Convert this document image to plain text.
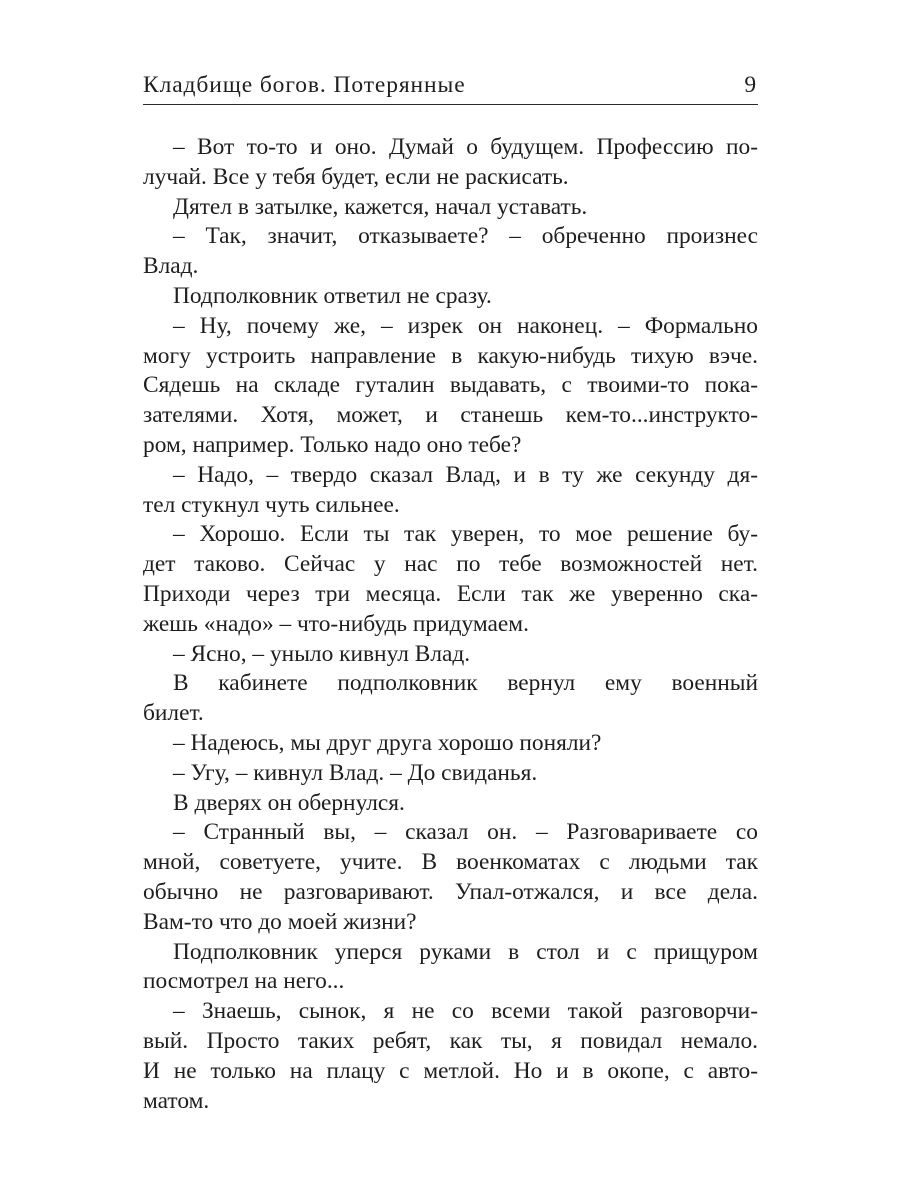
Кладбище богов. Потерянные	9
– Вот то-то и оно. Думай о будущем. Профессию по-
лучай. Все у тебя будет, если не раскисать.
Дятел в затылке, кажется, начал уставать.
– Так, значит, отказываете? – обреченно произнес
Влад.
Подполковник ответил не сразу.
– Ну, почему же, – изрек он наконец. – Формально
могу устроить направление в какую-нибудь тихую вэче.
Сядешь на складе гуталин выдавать, с твоими-то пока-
зателями. Хотя, может, и станешь кем-то...инструкто-
ром, например. Только надо оно тебе?
– Надо, – твердо сказал Влад, и в ту же секунду дя-
тел стукнул чуть сильнее.
– Хорошо. Если ты так уверен, то мое решение бу-
дет таково. Сейчас у нас по тебе возможностей нет.
Приходи через три месяца. Если так же уверенно ска-
жешь «надо» – что-нибудь придумаем.
– Ясно, – уныло кивнул Влад.
В кабинете подполковник вернул ему военный
билет.
– Надеюсь, мы друг друга хорошо поняли?
– Угу, – кивнул Влад. – До свиданья.
В дверях он обернулся.
– Странный вы, – сказал он. – Разговариваете со
мной, советуете, учите. В военкоматах с людьми так
обычно не разговаривают. Упал-отжался, и все дела.
Вам-то что до моей жизни?
Подполковник уперся руками в стол и с прищуром
посмотрел на него...
– Знаешь, сынок, я не со всеми такой разговорчи-
вый. Просто таких ребят, как ты, я повидал немало.
И не только на плацу с метлой. Но и в окопе, с авто-
матом.
